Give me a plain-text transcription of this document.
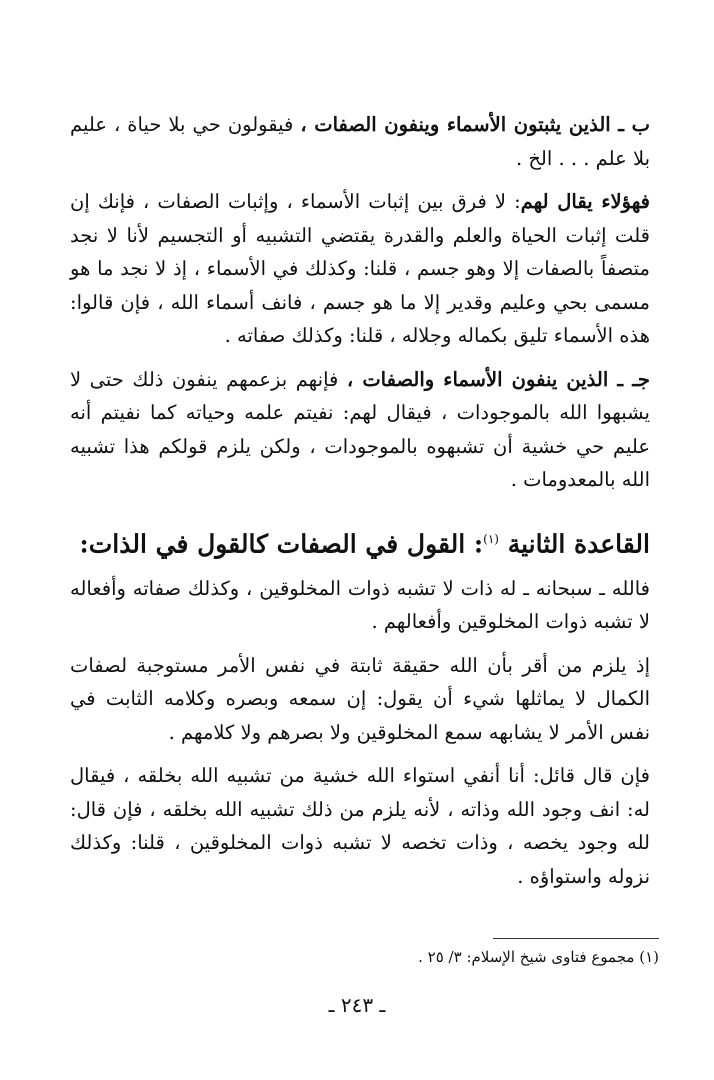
ب ـ الذين يثبتون الأسماء وينفون الصفات ، فيقولون حي بلا حياة ، عليم بلا علم . . . الخ .

فهؤلاء يقال لهم: لا فرق بين إثبات الأسماء ، وإثبات الصفات ، فإنك إن قلت إثبات الحياة والعلم والقدرة يقتضي التشبيه أو التجسيم لأنا لا نجد متصفاً بالصفات إلا وهو جسم ، قلنا: وكذلك في الأسماء ، إذ لا نجد ما هو مسمى بحي وعليم وقدير إلا ما هو جسم ، فانف أسماء الله ، فإن قالوا: هذه الأسماء تليق بكماله وجلاله ، قلنا: وكذلك صفاته .

جـ ـ الذين ينفون الأسماء والصفات ، فإنهم بزعمهم ينفون ذلك حتى لا يشبهوا الله بالموجودات ، فيقال لهم: نفيتم علمه وحياته كما نفيتم أنه عليم حي خشية أن تشبهوه بالموجودات ، ولكن يلزم قولكم هذا تشبيه الله بالمعدومات .

القاعدة الثانية $^{(١)}$: القول في الصفات كالقول في الذات:

فالله ـ سبحانه ـ له ذات لا تشبه ذوات المخلوقين ، وكذلك صفاته وأفعاله لا تشبه ذوات المخلوقين وأفعالهم .

إذ يلزم من أقر بأن الله حقيقة ثابتة في نفس الأمر مستوجبة لصفات الكمال لا يماثلها شيء أن يقول: إن سمعه وبصره وكلامه الثابت في نفس الأمر لا يشابهه سمع المخلوقين ولا بصرهم ولا كلامهم .

فإن قال قائل: أنا أنفي استواء الله خشية من تشبيه الله بخلقه ، فيقال له: انف وجود الله وذاته ، لأنه يلزم من ذلك تشبيه الله بخلقه ، فإن قال: لله وجود يخصه ، وذات تخصه لا تشبه ذوات المخلوقين ، قلنا: وكذلك نزوله واستواؤه .

(١) مجموع فتاوى شيخ الإسلام: ٣/ ٢٥ .
ـ ٢٤٣ ـ
